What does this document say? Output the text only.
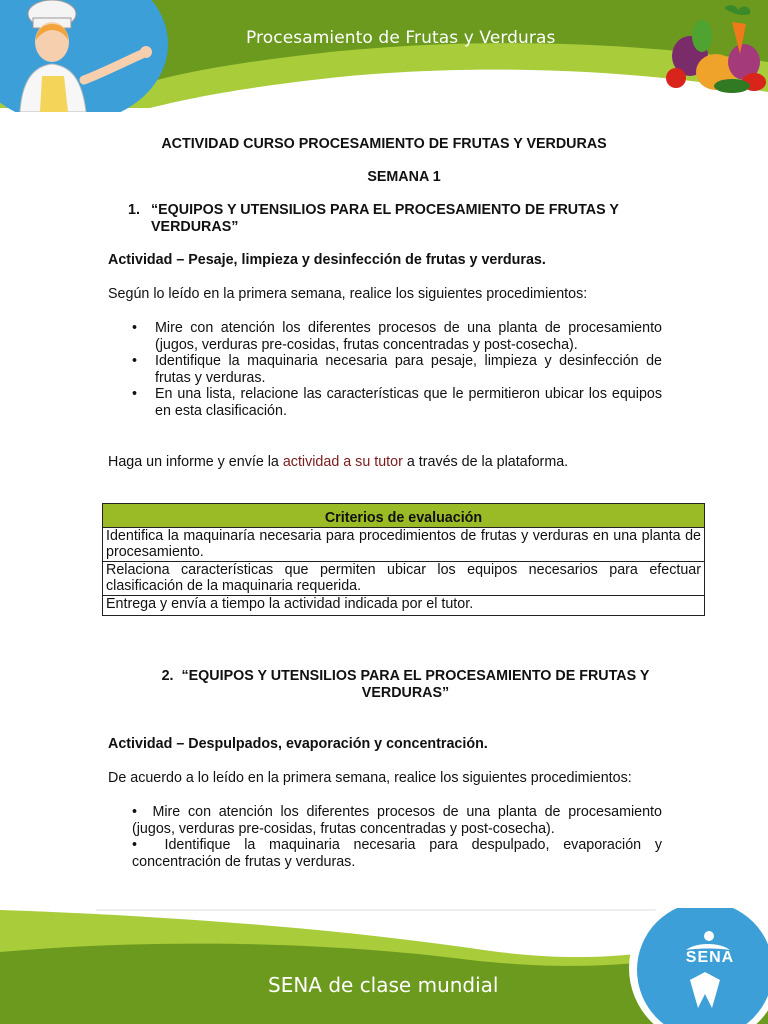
Procesamiento de Frutas y Verduras
ACTIVIDAD CURSO PROCESAMIENTO DE FRUTAS Y VERDURAS
SEMANA 1
1. “EQUIPOS Y UTENSILIOS PARA EL PROCESAMIENTO DE FRUTAS Y VERDURAS”
Actividad – Pesaje, limpieza y desinfección de frutas y verduras.
Según lo leído en la primera semana, realice los siguientes procedimientos:
• Mire con atención los diferentes procesos de una planta de procesamiento (jugos, verduras pre-cosidas, frutas concentradas y post-cosecha).
• Identifique la maquinaria necesaria para pesaje, limpieza y desinfección de frutas y verduras.
• En una lista, relacione las características que le permitieron ubicar los equipos en esta clasificación.
Haga un informe y envíe la actividad a su tutor a través de la plataforma.
Criterios de evaluación
Identifica la maquinaría necesaria para procedimientos de frutas y verduras en una planta de procesamiento.
Relaciona características que permiten ubicar los equipos necesarios para efectuar clasificación de la maquinaria requerida.
Entrega y envía a tiempo la actividad indicada por el tutor.
2. “EQUIPOS Y UTENSILIOS PARA EL PROCESAMIENTO DE FRUTAS Y VERDURAS”
Actividad – Despulpados, evaporación y concentración.
De acuerdo a lo leído en la primera semana, realice los siguientes procedimientos:

•  Mire con atención los diferentes procesos de una planta de procesamiento (jugos, verduras pre-cosidas, frutas concentradas y post-cosecha).

•  Identifique la maquinaria necesaria para despulpado, evaporación y concentración de frutas y verduras.

SENA
SENA de clase mundial
